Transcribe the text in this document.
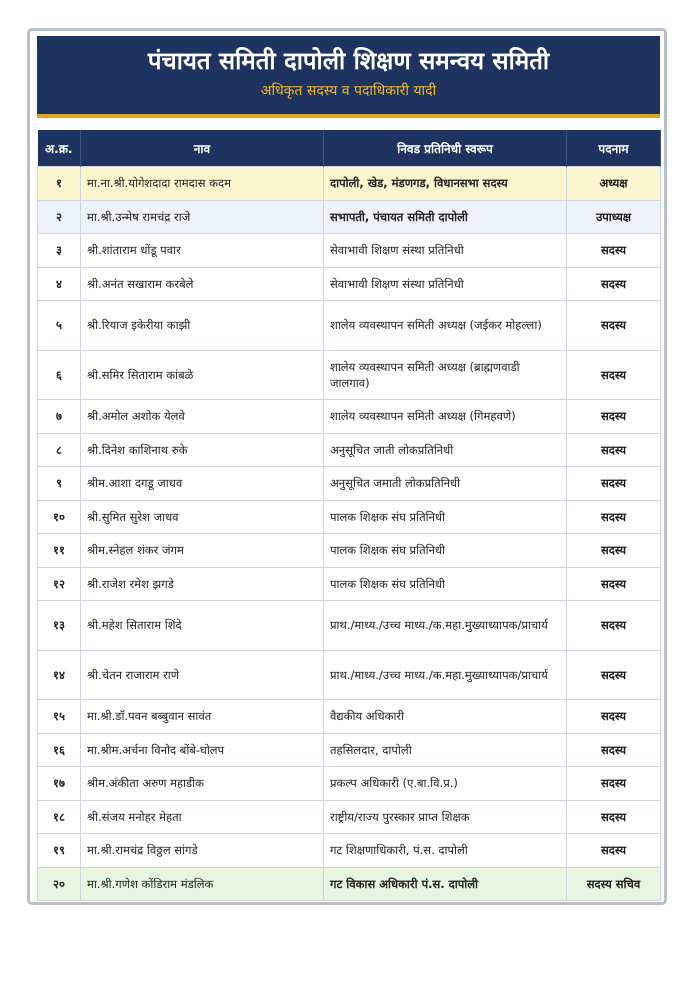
पंचायत समिती दापोली शिक्षण समन्वय समिती
अधिकृत सदस्य व पदाधिकारी यादी
अ.क्र.	नाव	निवड प्रतिनिधी स्वरूप	पदनाम
१	मा.ना.श्री.योगेशदादा रामदास कदम	दापोली, खेड, मंडणगड, विधानसभा सदस्य	अध्यक्ष
२	मा.श्री.उन्मेष रामचंद्र राजे	सभापती, पंचायत समिती दापोली	उपाध्यक्ष
३	श्री.शांताराम धोंडू पवार	सेवाभावी शिक्षण संस्था प्रतिनिधी	सदस्य
४	श्री.अनंत सखाराम करबेले	सेवाभावी शिक्षण संस्था प्रतिनिधी	सदस्य
५	श्री.रियाज इकेरीया काझी	शालेय व्यवस्थापन समिती अध्यक्ष (जईकर मोहल्ला)	सदस्य
६	श्री.समिर सिताराम कांबळे	शालेय व्यवस्थापन समिती अध्यक्ष (ब्राह्मणवाडी जालगाव)	सदस्य
७	श्री.अमोल अशोक येलवे	शालेय व्यवस्थापन समिती अध्यक्ष (गिमहवणे)	सदस्य
८	श्री.दिनेश काशिनाथ रुके	अनुसूचित जाती लोकप्रतिनिधी	सदस्य
९	श्रीम.आशा दगडू जाधव	अनुसूचित जमाती लोकप्रतिनिधी	सदस्य
१०	श्री.सुमित सुरेश जाधव	पालक शिक्षक संघ प्रतिनिधी	सदस्य
११	श्रीम.स्नेहल शंकर जंगम	पालक शिक्षक संघ प्रतिनिधी	सदस्य
१२	श्री.राजेश रमेश झगडे	पालक शिक्षक संघ प्रतिनिधी	सदस्य
१३	श्री.महेश सिताराम शिंदे	प्राथ./माध्य./उच्च माध्य./क.महा.मुख्याध्यापक/प्राचार्य	सदस्य
१४	श्री.चेतन राजाराम राणे	प्राथ./माध्य./उच्च माध्य./क.महा.मुख्याध्यापक/प्राचार्य	सदस्य
१५	मा.श्री.डॉ.पवन बब्बुवान सावंत	वैद्यकीय अधिकारी	सदस्य
१६	मा.श्रीम.अर्चना विनोद बोंबे-घोलप	तहसिलदार, दापोली	सदस्य
१७	श्रीम.अंकीता अरुण महाडीक	प्रकल्प अधिकारी (ए.बा.वि.प्र.)	सदस्य
१८	श्री.संजय मनोहर मेहता	राष्ट्रीय/राज्य पुरस्कार प्राप्त शिक्षक	सदस्य
१९	मा.श्री.रामचंद्र विठ्ठल सांगडे	गट शिक्षणाधिकारी, पं.स. दापोली	सदस्य
२०	मा.श्री.गणेश कोंडिराम मंडलिक	गट विकास अधिकारी पं.स. दापोली	सदस्य सचिव
